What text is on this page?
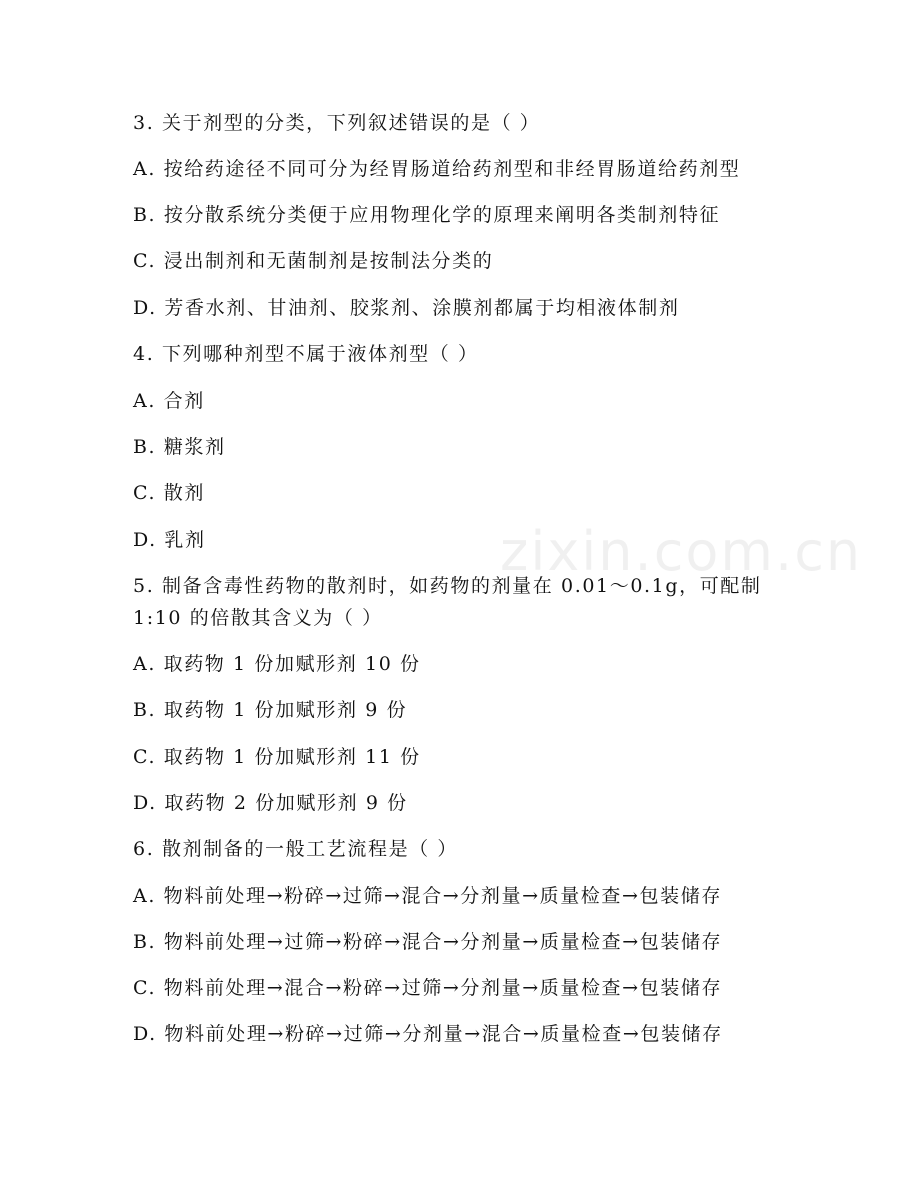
zixin.com.cn
3. 关于剂型的分类，下列叙述错误的是（ ）
A. 按给药途径不同可分为经胃肠道给药剂型和非经胃肠道给药剂型
B. 按分散系统分类便于应用物理化学的原理来阐明各类制剂特征
C. 浸出制剂和无菌制剂是按制法分类的
D. 芳香水剂、甘油剂、胶浆剂、涂膜剂都属于均相液体制剂
4. 下列哪种剂型不属于液体剂型（ ）
A. 合剂
B. 糖浆剂
C. 散剂
D. 乳剂
5. 制备含毒性药物的散剂时，如药物的剂量在 0.01～0.1g，可配制
1:10 的倍散其含义为（ ）
A. 取药物 1 份加赋形剂 10 份
B. 取药物 1 份加赋形剂 9 份
C. 取药物 1 份加赋形剂 11 份
D. 取药物 2 份加赋形剂 9 份
6. 散剂制备的一般工艺流程是（ ）
A. 物料前处理→粉碎→过筛→混合→分剂量→质量检查→包装储存
B. 物料前处理→过筛→粉碎→混合→分剂量→质量检查→包装储存
C. 物料前处理→混合→粉碎→过筛→分剂量→质量检查→包装储存
D. 物料前处理→粉碎→过筛→分剂量→混合→质量检查→包装储存
